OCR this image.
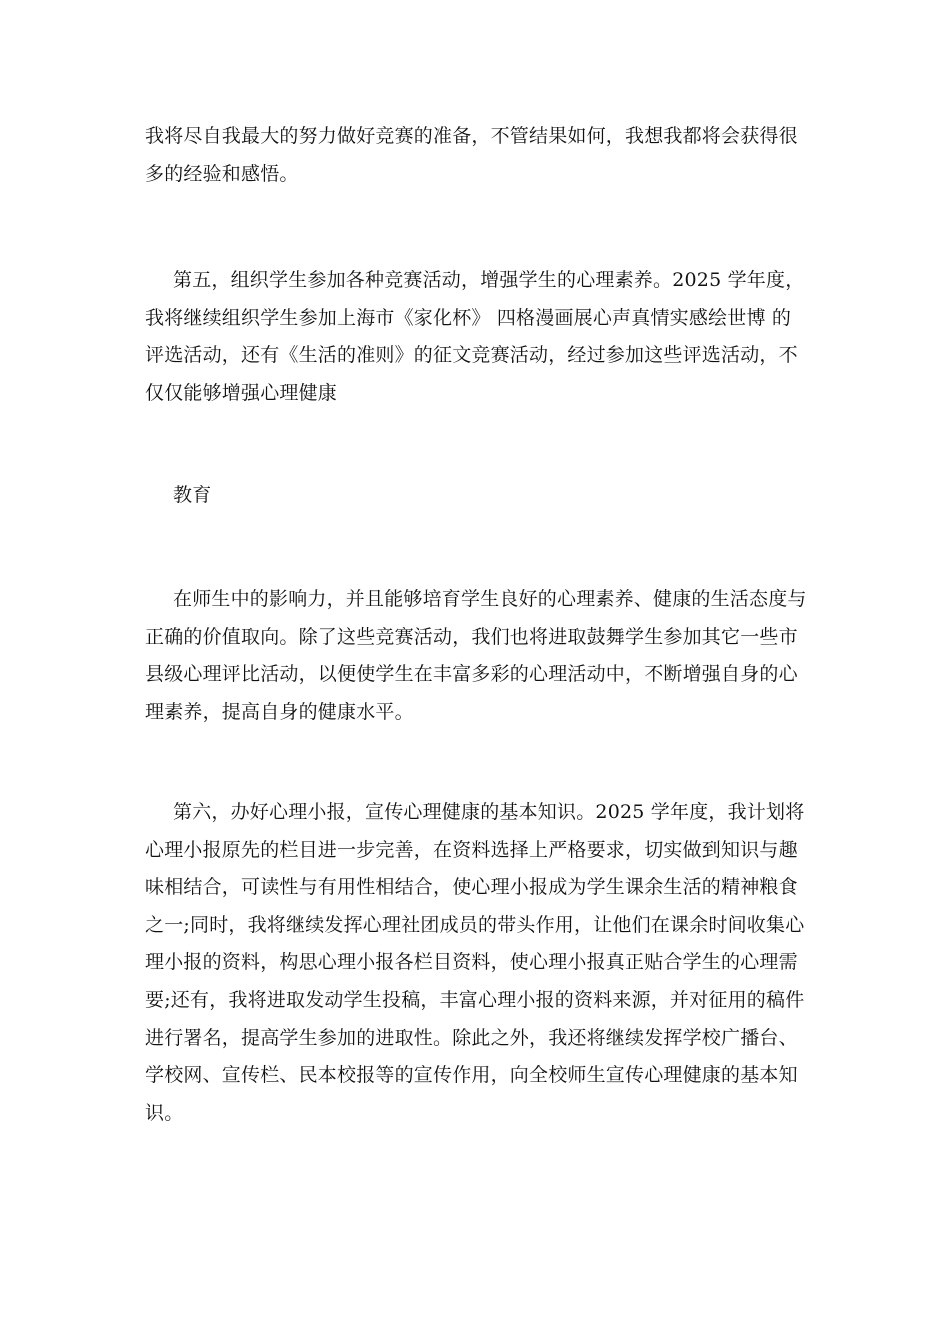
我将尽自我最大的努力做好竞赛的准备，不管结果如何，我想我都将会获得很
多的经验和感悟。

第五，组织学生参加各种竞赛活动，增强学生的心理素养。2025 学年度，
我将继续组织学生参加上海市《家化杯》 四格漫画展心声真情实感绘世博 的
评选活动，还有《生活的准则》的征文竞赛活动，经过参加这些评选活动，不
仅仅能够增强心理健康

教育

在师生中的影响力，并且能够培育学生良好的心理素养、健康的生活态度与
正确的价值取向。除了这些竞赛活动，我们也将进取鼓舞学生参加其它一些市
县级心理评比活动，以便使学生在丰富多彩的心理活动中，不断增强自身的心
理素养，提高自身的健康水平。

第六，办好心理小报，宣传心理健康的基本知识。2025 学年度，我计划将
心理小报原先的栏目进一步完善，在资料选择上严格要求，切实做到知识与趣
味相结合，可读性与有用性相结合，使心理小报成为学生课余生活的精神粮食
之一;同时，我将继续发挥心理社团成员的带头作用，让他们在课余时间收集心
理小报的资料，构思心理小报各栏目资料，使心理小报真正贴合学生的心理需
要;还有，我将进取发动学生投稿，丰富心理小报的资料来源，并对征用的稿件
进行署名，提高学生参加的进取性。除此之外，我还将继续发挥学校广播台、
学校网、宣传栏、民本校报等的宣传作用，向全校师生宣传心理健康的基本知
识。
